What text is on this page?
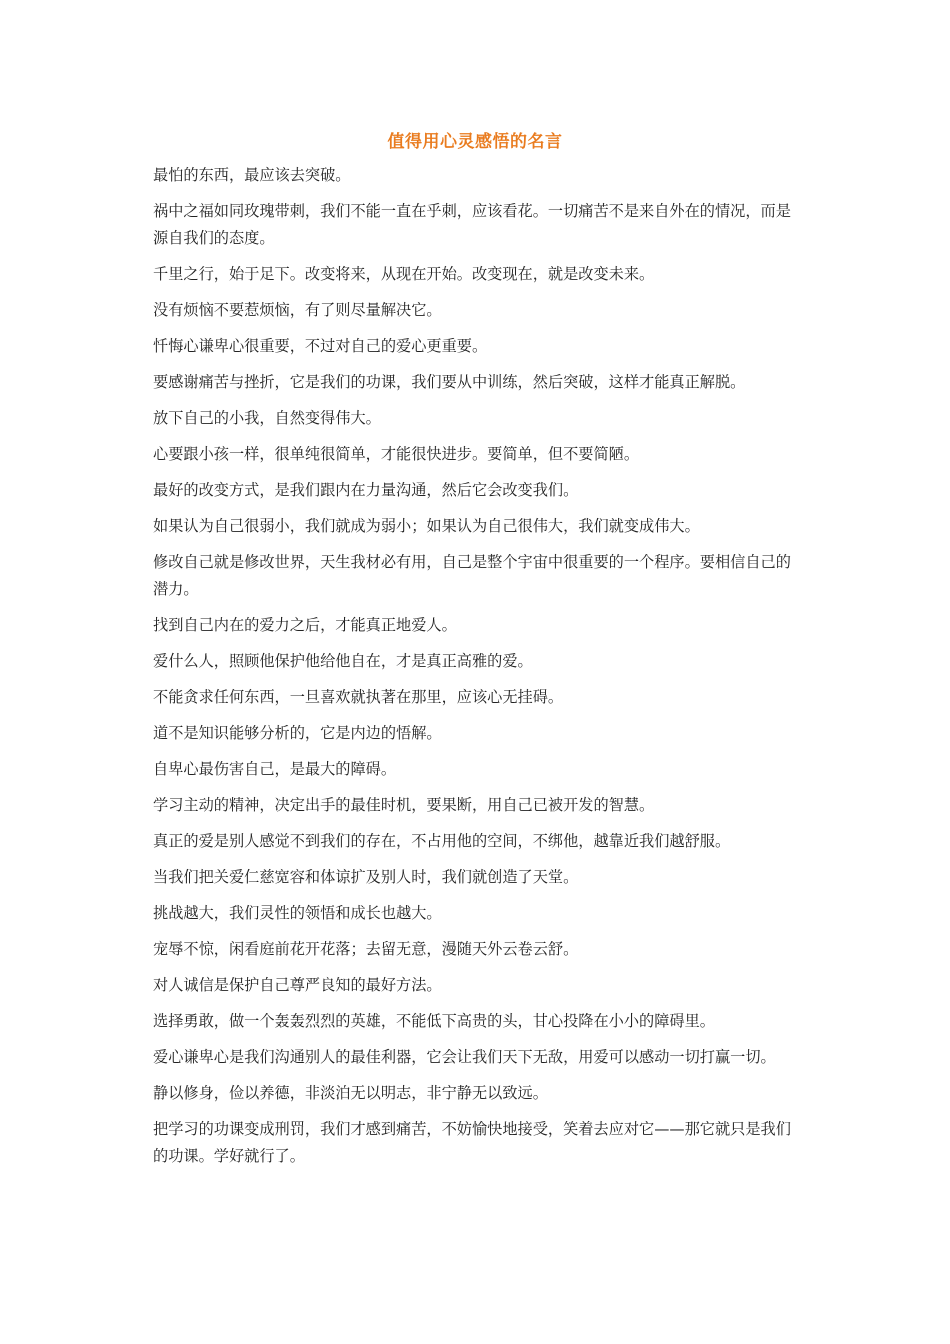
值得用心灵感悟的名言

最怕的东西，最应该去突破。

祸中之福如同玫瑰带刺，我们不能一直在乎刺，应该看花。一切痛苦不是来自外在的情况，而是源自我们的态度。

千里之行，始于足下。改变将来，从现在开始。改变现在，就是改变未来。

没有烦恼不要惹烦恼，有了则尽量解决它。

忏悔心谦卑心很重要，不过对自己的爱心更重要。

要感谢痛苦与挫折，它是我们的功课，我们要从中训练，然后突破，这样才能真正解脱。

放下自己的小我，自然变得伟大。

心要跟小孩一样，很单纯很简单，才能很快进步。要简单，但不要简陋。

最好的改变方式，是我们跟内在力量沟通，然后它会改变我们。

如果认为自己很弱小，我们就成为弱小；如果认为自己很伟大，我们就变成伟大。

修改自己就是修改世界，天生我材必有用，自己是整个宇宙中很重要的一个程序。要相信自己的潜力。

找到自己内在的爱力之后，才能真正地爱人。

爱什么人，照顾他保护他给他自在，才是真正高雅的爱。

不能贪求任何东西，一旦喜欢就执著在那里，应该心无挂碍。

道不是知识能够分析的，它是内边的悟解。

自卑心最伤害自己，是最大的障碍。

学习主动的精神，决定出手的最佳时机，要果断，用自己已被开发的智慧。

真正的爱是别人感觉不到我们的存在，不占用他的空间，不绑他，越靠近我们越舒服。

当我们把关爱仁慈宽容和体谅扩及别人时，我们就创造了天堂。

挑战越大，我们灵性的领悟和成长也越大。

宠辱不惊，闲看庭前花开花落；去留无意，漫随天外云卷云舒。

对人诚信是保护自己尊严良知的最好方法。

选择勇敢，做一个轰轰烈烈的英雄，不能低下高贵的头，甘心投降在小小的障碍里。

爱心谦卑心是我们沟通别人的最佳利器，它会让我们天下无敌，用爱可以感动一切打赢一切。

静以修身，俭以养德，非淡泊无以明志，非宁静无以致远。

把学习的功课变成刑罚，我们才感到痛苦，不妨愉快地接受，笑着去应对它——那它就只是我们的功课。学好就行了。
